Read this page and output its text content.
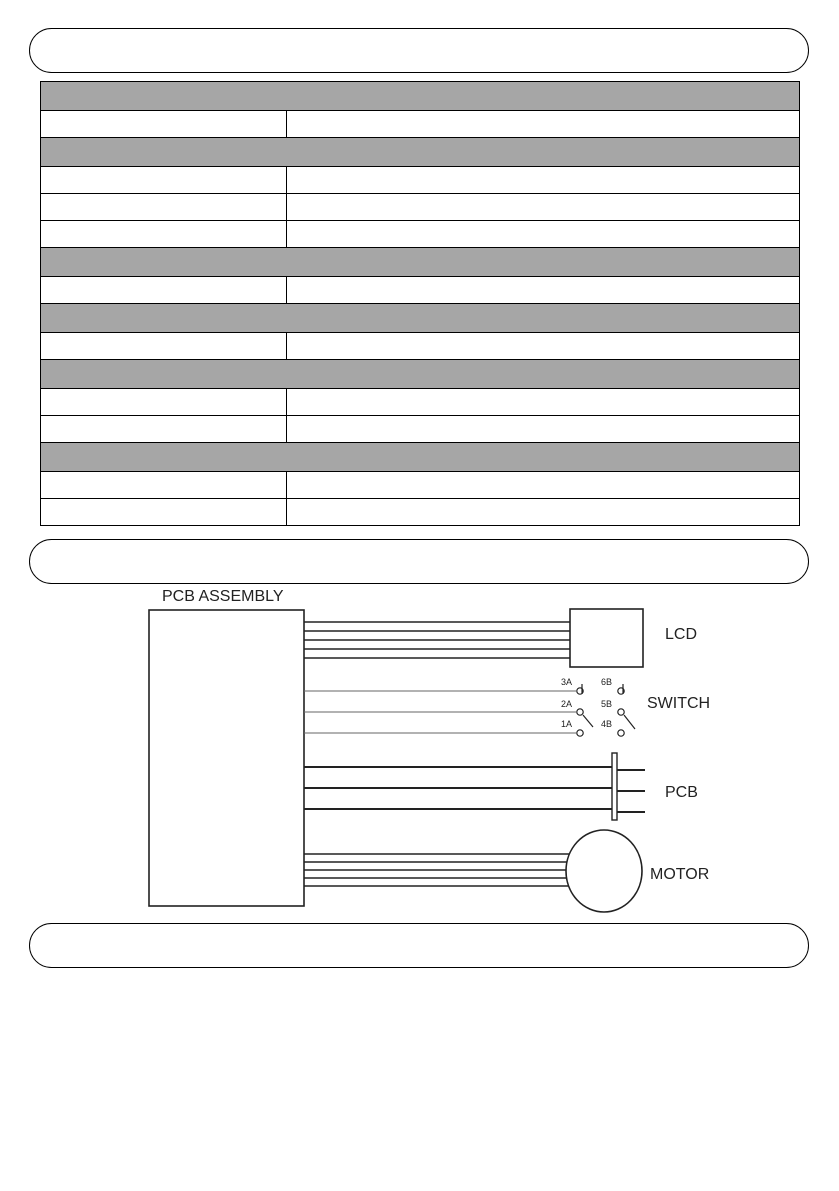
PCB ASSEMBLY
LCD
3A
2A
1A
6B
5B
4B
SWITCH
PCB
MOTOR
